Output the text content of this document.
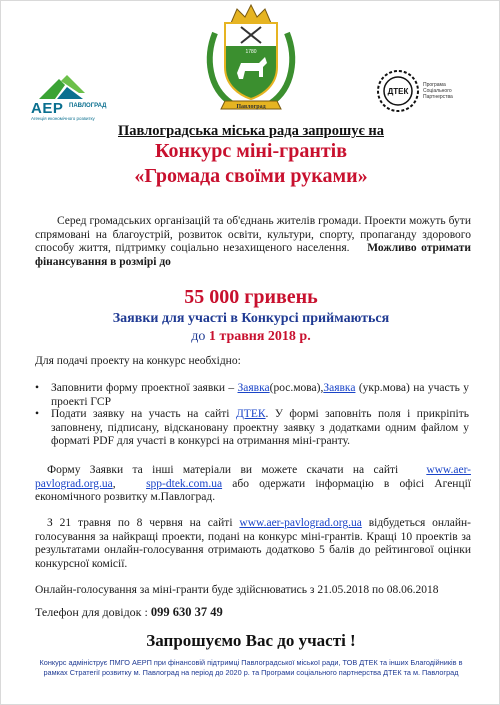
АЕР ПАВЛОГРАД
Агенція економічного розвитку
1780
Павлоград
ДТЕК
Програма
Соціального
Партнерства
Павлоградська міська рада запрошує на
Конкурс міні-грантів
«Громада своїми руками»
Серед громадських організацій та об'єднань жителів громади. Проекти можуть бути спрямовані на благоустрій, розвиток освіти, культури, спорту, пропаганду здорового способу життя, підтримку соціально незахищеного населення. Можливо отримати фінансування в розмірі до
55 000 гривень
Заявки для участі в Конкурсі приймаються
до 1 травня 2018 р.
Для подачі проекту на конкурс необхідно:
• Заповнити форму проектної заявки – Заявка(рос.мова),Заявка (укр.мова) на участь у проекті ГСР
• Подати заявку на участь на сайті ДТЕК. У формі заповніть поля і прикріпіть заповнену, підписану, відскановану проектну заявку з додатками одним файлом у форматі PDF для участі в конкурсі на отримання міні-гранту.
Форму Заявки та інші матеріали ви можете скачати на сайті www.aer-pavlograd.org.ua,	spp-dtek.com.ua або одержати інформацію в офісі Агенції економічного розвитку м.Павлоград.
З 21 травня по 8 червня на сайті www.aer-pavlograd.org.ua відбудеться онлайн-голосування за найкращі проекти, подані на конкурс міні-грантів. Кращі 10 проектів за результатами онлайн-голосування отримають додатково 5 балів до рейтингової оцінки конкурсної комісії.
Онлайн-голосування за міні-гранти буде здійснюватись з 21.05.2018 по 08.06.2018
Телефон для довідок : 099 630 37 49
Запрошуємо Вас до участі !
Конкурс адмініструє ПМГО АЕРП при фінансовій підтримці Павлоградської міської ради, ТОВ ДТЕК та інших Благодійників в рамках Стратегії розвитку м. Павлоград на період до 2020 р. та Програми соціального партнерства ДТЕК та м. Павлоград
